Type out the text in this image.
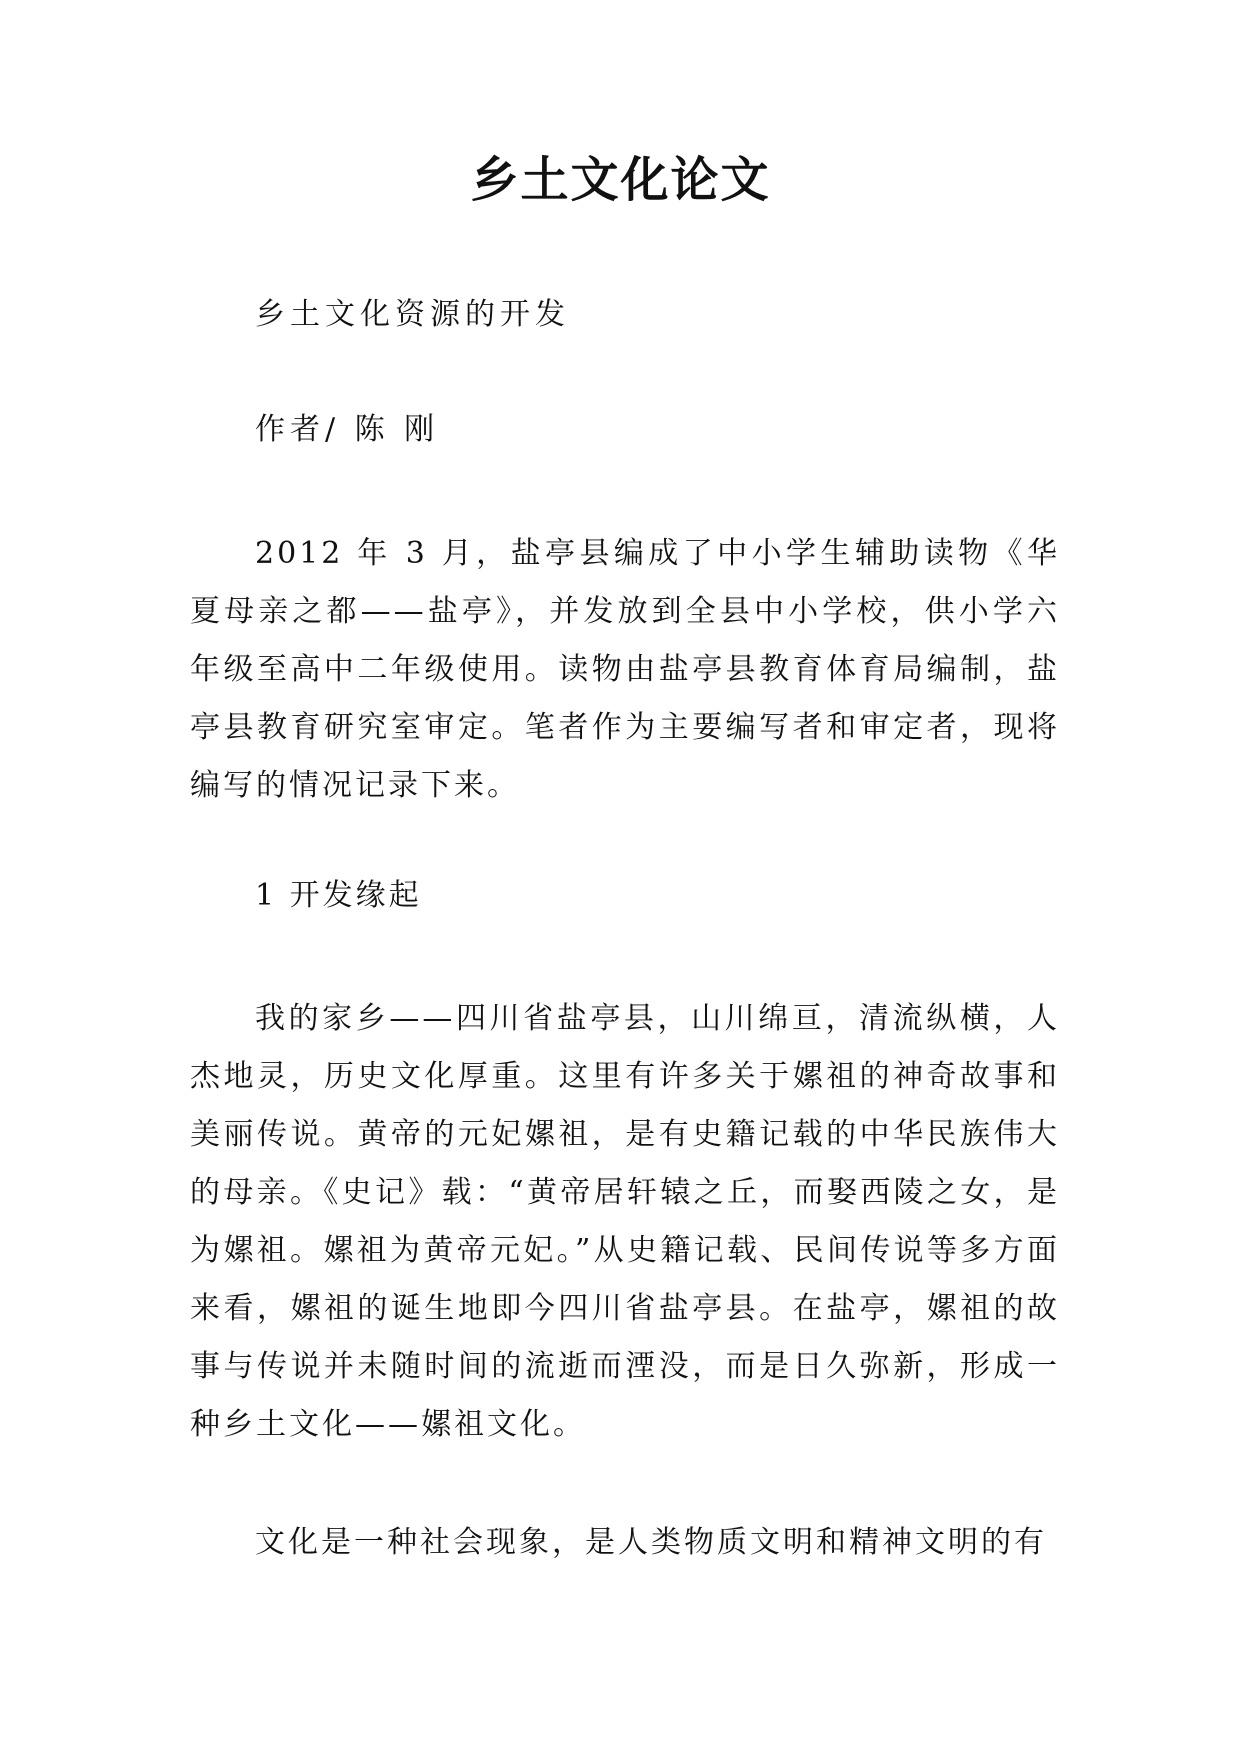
乡土文化论文

乡土文化资源的开发

作者/ 陈 刚

2012 年 3 月，盐亭县编成了中小学生辅助读物《华夏母亲之都——盐亭》，并发放到全县中小学校，供小学六年级至高中二年级使用。读物由盐亭县教育体育局编制，盐亭县教育研究室审定。笔者作为主要编写者和审定者，现将编写的情况记录下来。

1 开发缘起

我的家乡——四川省盐亭县，山川绵亘，清流纵横，人杰地灵，历史文化厚重。这里有许多关于嫘祖的神奇故事和美丽传说。黄帝的元妃嫘祖，是有史籍记载的中华民族伟大的母亲。《史记》载：“黄帝居轩辕之丘，而娶西陵之女，是为嫘祖。嫘祖为黄帝元妃。”从史籍记载、民间传说等多方面来看，嫘祖的诞生地即今四川省盐亭县。在盐亭，嫘祖的故事与传说并未随时间的流逝而湮没，而是日久弥新，形成一种乡土文化——嫘祖文化。

文化是一种社会现象，是人类物质文明和精神文明的有
